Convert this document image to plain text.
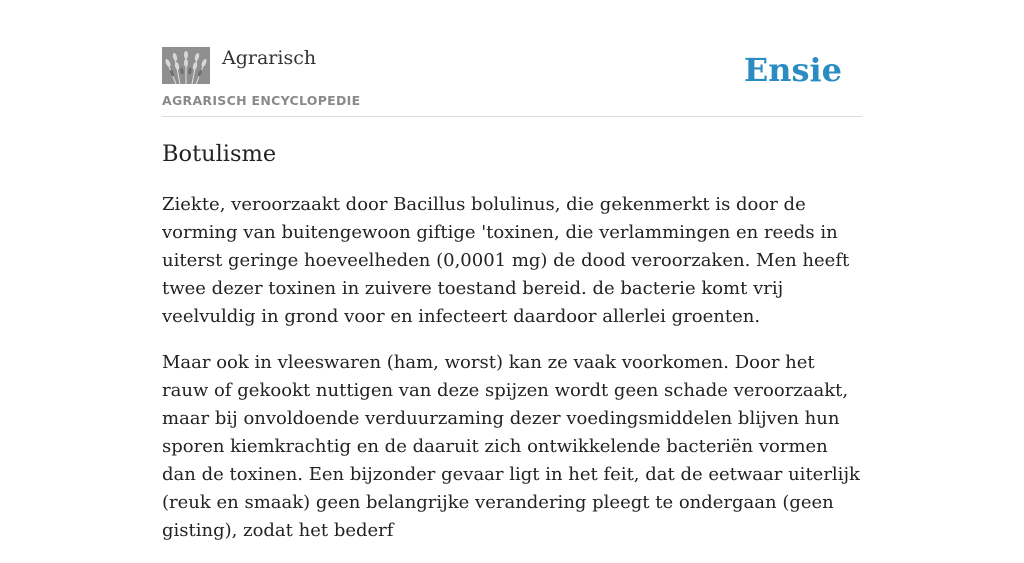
Agrarisch
AGRARISCH ENCYCLOPEDIE
Ensie
Botulisme

Ziekte, veroorzaakt door Bacillus bolulinus, die gekenmerkt is door de vorming van buitengewoon giftige 'toxinen, die verlammingen en reeds in uiterst geringe hoeveelheden (0,0001 mg) de dood veroorzaken. Men heeft twee dezer toxinen in zuivere toestand bereid. de bacterie komt vrij veelvuldig in grond voor en infecteert daardoor allerlei groenten.

Maar ook in vleeswaren (ham, worst) kan ze vaak voorkomen. Door het rauw of gekookt nuttigen van deze spijzen wordt geen schade veroorzaakt, maar bij onvoldoende verduurzaming dezer voedingsmiddelen blijven hun sporen kiemkrachtig en de daaruit zich ontwikkelende bacteriën vormen dan de toxinen. Een bijzonder gevaar ligt in het feit, dat de eetwaar uiterlijk (reuk en smaak) geen belangrijke verandering pleegt te ondergaan (geen gisting), zodat het bederf
